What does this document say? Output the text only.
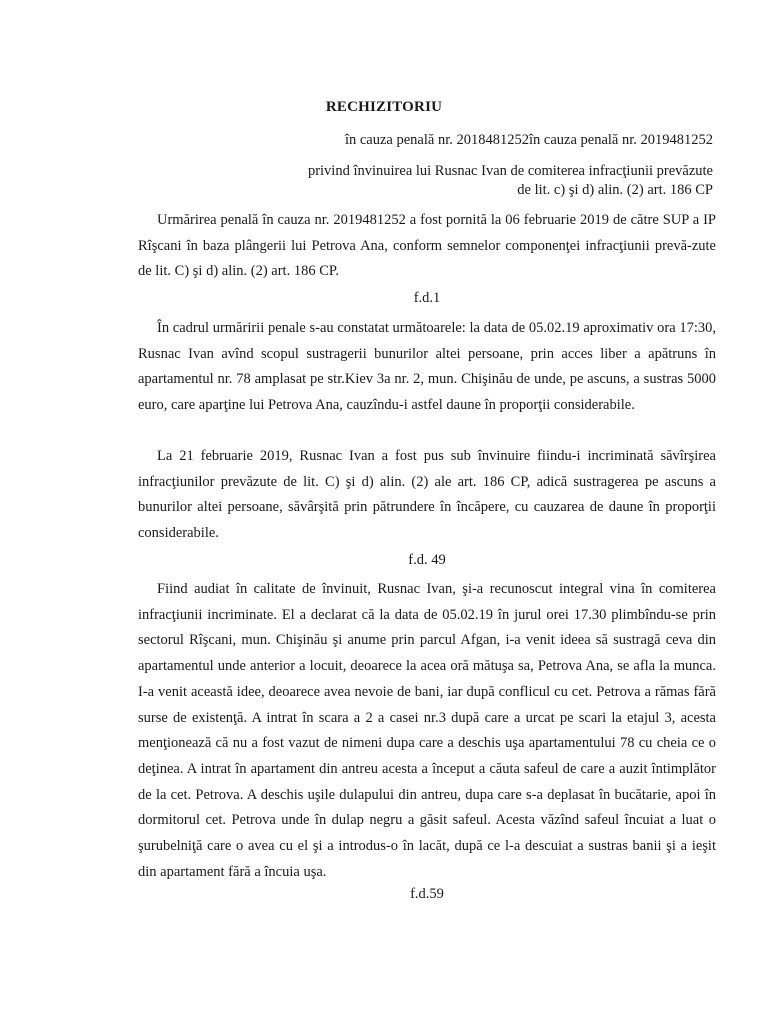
RECHIZITORIU
în cauza penală nr. 2018481252în cauza penală nr. 2019481252
privind învinuirea lui Rusnac Ivan de comiterea infracţiunii prevăzute
de lit. c) şi d) alin. (2) art. 186 CP

Urmărirea penală în cauza nr. 2019481252 a fost pornită la 06 februarie 2019 de către SUP a IP Rîşcani în baza plângerii lui Petrova Ana, conform semnelor componenţei infracţiunii prevă-zute de lit. C) şi d) alin. (2) art. 186 CP.

f.d.1

În cadrul urmăririi penale s-au constatat următoarele: la data de 05.02.19 aproximativ ora 17:30, Rusnac Ivan avînd scopul sustragerii bunurilor altei persoane, prin acces liber a apătruns în apartamentul nr. 78 amplasat pe str.Kiev 3a nr. 2, mun. Chişinău de unde, pe ascuns, a sustras 5000 euro, care aparţine lui Petrova Ana, cauzîndu-i astfel daune în proporţii considerabile.

La 21 februarie 2019, Rusnac Ivan a fost pus sub învinuire fiindu-i incriminată săvîrşirea infracţiunilor prevăzute de lit. C) şi d) alin. (2) ale art. 186 CP, adică sustragerea pe ascuns a bunurilor altei persoane, săvârşită prin pătrundere în încăpere, cu cauzarea de daune în proporţii considerabile.

f.d. 49

Fiind audiat în calitate de învinuit, Rusnac Ivan, şi-a recunoscut integral vina în comiterea infracţiunii incriminate. El a declarat că la data de 05.02.19 în jurul orei 17.30 plimbîndu-se prin sectorul Rîşcani, mun. Chişinău şi anume prin parcul Afgan, i-a venit ideea să sustragă ceva din apartamentul unde anterior a locuit, deoarece la acea oră mătuşa sa, Petrova Ana, se afla la munca. I-a venit această idee, deoarece avea nevoie de bani, iar după conflicul cu cet. Petrova a rămas fără surse de existenţă. A intrat în scara a 2 a casei nr.3 după care a urcat pe scari la etajul 3, acesta menţionează că nu a fost vazut de nimeni dupa care a deschis uşa apartamentului 78 cu cheia ce o deţinea. A intrat în apartament din antreu acesta a început a căuta safeul de care a auzit întimplător de la cet. Petrova. A deschis uşile dulapului din antreu, dupa care s-a deplasat în bucătarie, apoi în dormitorul cet. Petrova unde în dulap negru a găsit safeul. Acesta văzînd safeul încuiat a luat o şurubelniţă care o avea cu el şi a introdus-o în lacăt, după ce l-a descuiat a sustras banii şi a ieşit din apartament fără a încuia uşa.

f.d.59
